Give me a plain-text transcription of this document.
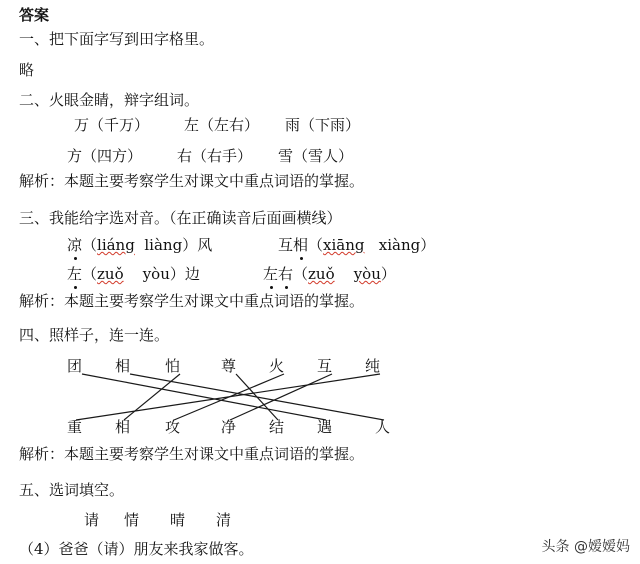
答案
一、把下面字写到田字格里。
略
二、火眼金睛，辩字组词。
万（千万） 左（左右） 雨（下雨）
方（四方） 右（右手） 雪（雪人）
解析：本题主要考察学生对课文中重点词语的掌握。
三、我能给字选对音。（在正确读音后面画横线）
凉（liáng liàng）风	互相（xiāng xiàng）
左（zuǒ yòu）边	左右（zuǒ yòu）
解析：本题主要考察学生对课文中重点词语的掌握。
四、照样子，连一连。
团 相 怕	尊 火 互 纯
重 相 攻	净 结 遇	人
解析：本题主要考察学生对课文中重点词语的掌握。
五、选词填空。
请 情 晴 清
（4）爸爸（请）朋友来我家做客。	头条 @嫒嫒妈
